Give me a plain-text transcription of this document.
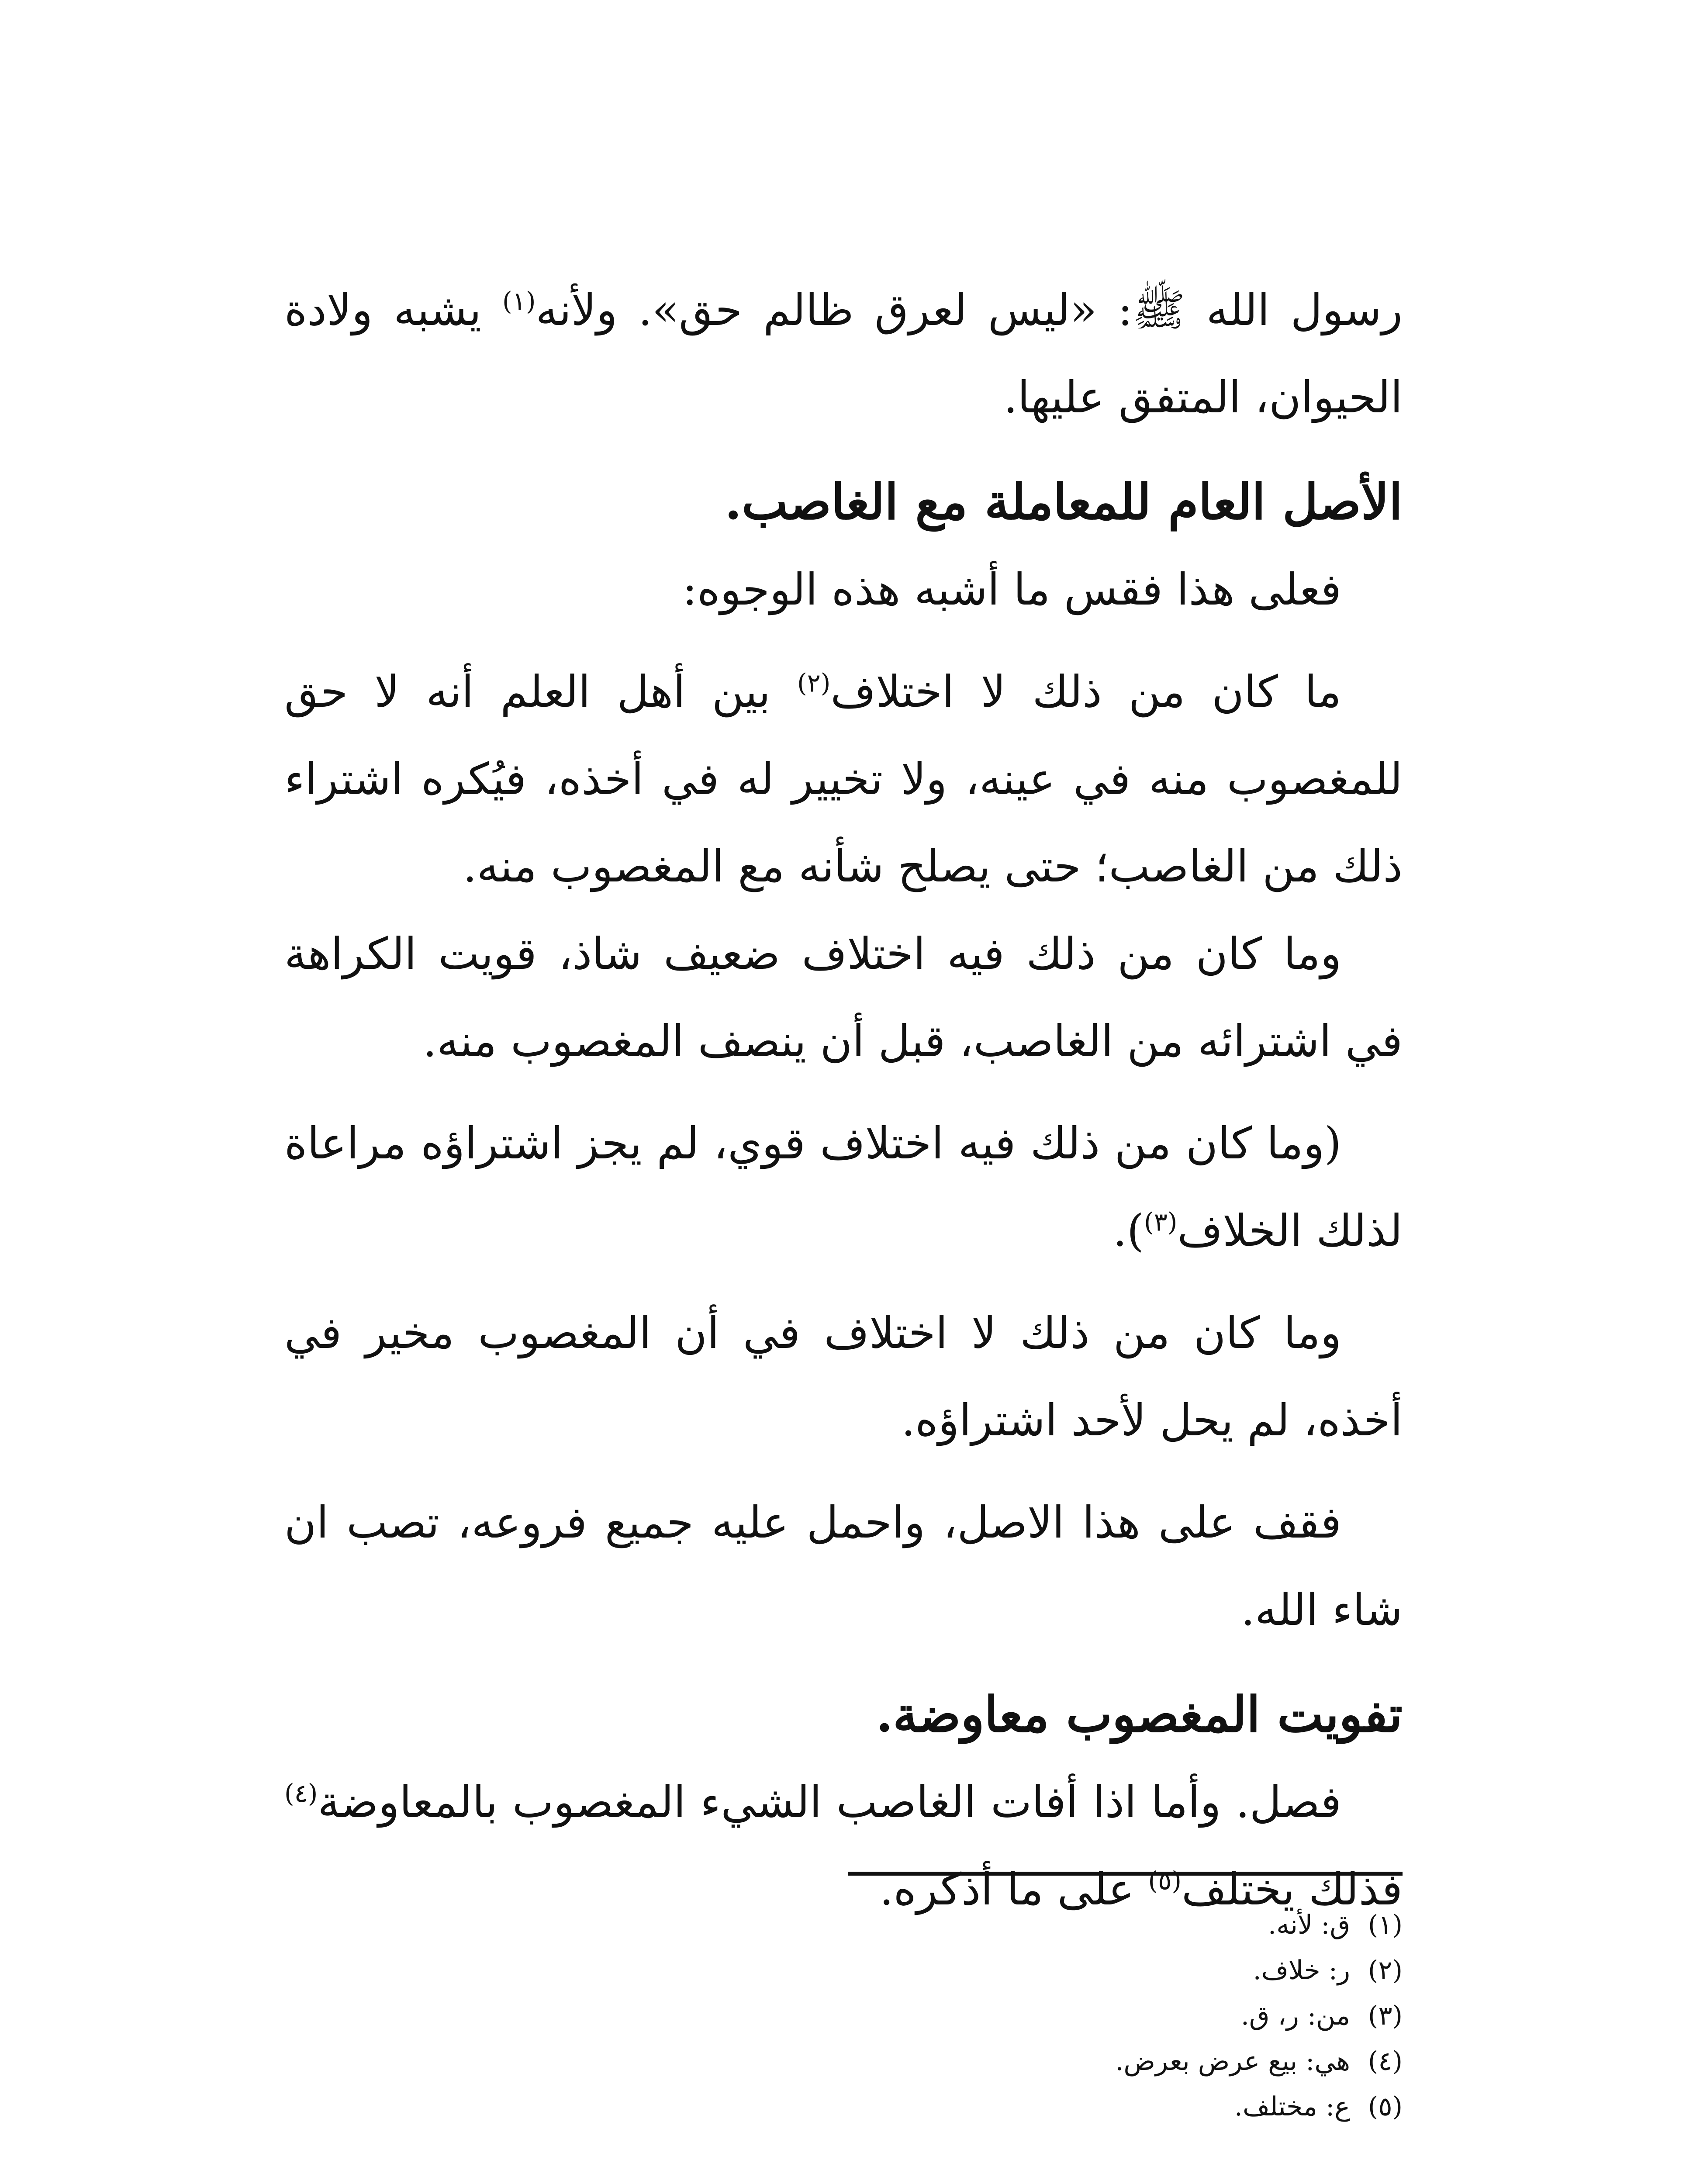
رسول الله ﷺ: «ليس لعرق ظالم حق». ولأنه$^{(١)}$ يشبه ولادة الحيوان، المتفق عليها.

الأصل العام للمعاملة مع الغاصب.

فعلى هذا فقس ما أشبه هذه الوجوه:

ما كان من ذلك لا اختلاف$^{(٢)}$ بين أهل العلم أنه لا حق للمغصوب منه في عينه، ولا تخيير له في أخذه، فيُكره اشتراء ذلك من الغاصب؛ حتى يصلح شأنه مع المغصوب منه.

وما كان من ذلك فيه اختلاف ضعيف شاذ، قويت الكراهة في اشترائه من الغاصب، قبل أن ينصف المغصوب منه.

(وما كان من ذلك فيه اختلاف قوي، لم يجز اشتراؤه مراعاة لذلك الخلاف$^{(٣)}$).

وما كان من ذلك لا اختلاف في أن المغصوب مخير في أخذه، لم يحل لأحد اشتراؤه.

فقف على هذا الاصل، واحمل عليه جميع فروعه، تصب ان شاء الله.

تفويت المغصوب معاوضة.

فصل. وأما اذا أفات الغاصب الشيء المغصوب بالمعاوضة$^{(٤)}$ فذلك يختلف$^{(٥)}$ على ما أذكره.

(١)ق: لأنه.
(٢)ر: خلاف.
(٣)من: ر، ق.
(٤)هي: بيع عرض بعرض.
(٥)ع: مختلف.
